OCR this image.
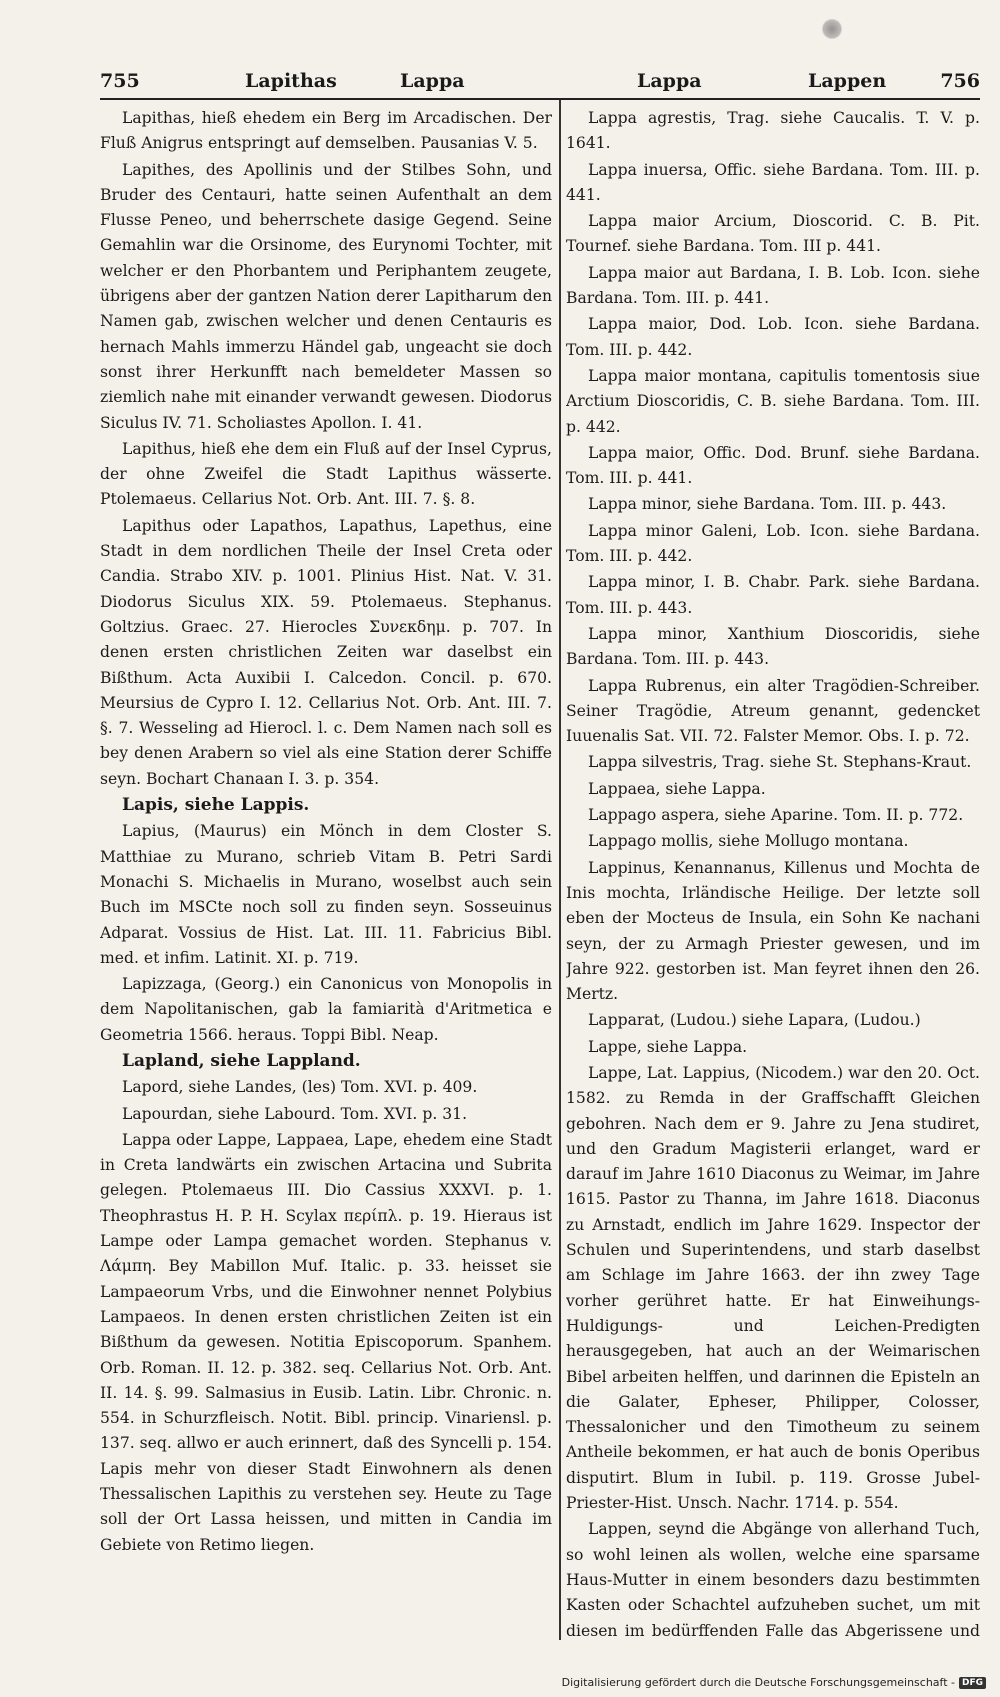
755	Lapithas	Lappa	Lappa	Lappen	756

Lapithas, hieß ehedem ein Berg im Arcadischen. Der Fluß Anigrus entspringt auf demselben. Pausanias V. 5.

Lapithes, des Apollinis und der Stilbes Sohn, und Bruder des Centauri, hatte seinen Aufenthalt an dem Flusse Peneo, und beherrschete dasige Gegend. Seine Gemahlin war die Orsinome, des Eurynomi Tochter, mit welcher er den Phorbantem und Periphantem zeugete, übrigens aber der gantzen Nation derer Lapitharum den Namen gab, zwischen welcher und denen Centauris es hernach Mahls immerzu Händel gab, ungeacht sie doch sonst ihrer Herkunfft nach bemeldeter Massen so ziemlich nahe mit einander verwandt gewesen. Diodorus Siculus IV. 71. Scholiastes Apollon. I. 41.

Lapithus, hieß ehe dem ein Fluß auf der Insel Cyprus, der ohne Zweifel die Stadt Lapithus wässerte. Ptolemaeus. Cellarius Not. Orb. Ant. III. 7. §. 8.

Lapithus oder Lapathos, Lapathus, Lapethus, eine Stadt in dem nordlichen Theile der Insel Creta oder Candia. Strabo XIV. p. 1001. Plinius Hist. Nat. V. 31. Diodorus Siculus XIX. 59. Ptolemaeus. Stephanus. Goltzius. Graec. 27. Hierocles Συνεκδημ. p. 707. In denen ersten christlichen Zeiten war daselbst ein Bißthum. Acta Auxibii I. Calcedon. Concil. p. 670. Meursius de Cypro I. 12. Cellarius Not. Orb. Ant. III. 7. §. 7. Wesseling ad Hierocl. l. c. Dem Namen nach soll es bey denen Arabern so viel als eine Station derer Schiffe seyn. Bochart Chanaan I. 3. p. 354.

Lapis, siehe Lappis.

Lapius, (Maurus) ein Mönch in dem Closter S. Matthiae zu Murano, schrieb Vitam B. Petri Sardi Monachi S. Michaelis in Murano, woselbst auch sein Buch im MSCte noch soll zu finden seyn. Sosseuinus Adparat. Vossius de Hist. Lat. III. 11. Fabricius Bibl. med. et infim. Latinit. XI. p. 719.

Lapizzaga, (Georg.) ein Canonicus von Monopolis in dem Napolitanischen, gab la famiarità d'Aritmetica e Geometria 1566. heraus. Toppi Bibl. Neap.

Lapland, siehe Lappland.

Lapord, siehe Landes, (les) Tom. XVI. p. 409.

Lapourdan, siehe Labourd. Tom. XVI. p. 31.

Lappa oder Lappe, Lappaea, Lape, ehedem eine Stadt in Creta landwärts ein zwischen Artacina und Subrita gelegen. Ptolemaeus III. Dio Cassius XXXVI. p. 1. Theophrastus H. P. H. Scylax περίπλ. p. 19. Hieraus ist Lampe oder Lampa gemachet worden. Stephanus v. Λάμπη. Bey Mabillon Muf. Italic. p. 33. heisset sie Lampaeorum Vrbs, und die Einwohner nennet Polybius Lampaeos. In denen ersten christlichen Zeiten ist ein Bißthum da gewesen. Notitia Episcoporum. Spanhem. Orb. Roman. II. 12. p. 382. seq. Cellarius Not. Orb. Ant. II. 14. §. 99. Salmasius in Eusib. Latin. Libr. Chronic. n. 554. in Schurzfleisch. Notit. Bibl. princip. Vinariensl. p. 137. seq. allwo er auch erinnert, daß des Syncelli p. 154. Lapis mehr von dieser Stadt Einwohnern als denen Thessalischen Lapithis zu verstehen sey. Heute zu Tage soll der Ort Lassa heissen, und mitten in Candia im Gebiete von Retimo liegen.

Lappa agrestis, Trag. siehe Caucalis. T. V. p. 1641.

Lappa inuersa, Offic. siehe Bardana. Tom. III. p. 441.

Lappa maior Arcium, Dioscorid. C. B. Pit. Tournef. siehe Bardana. Tom. III p. 441.

Lappa maior aut Bardana, I. B. Lob. Icon. siehe Bardana. Tom. III. p. 441.

Lappa maior, Dod. Lob. Icon. siehe Bardana. Tom. III. p. 442.

Lappa maior montana, capitulis tomentosis siue Arctium Dioscoridis, C. B. siehe Bardana. Tom. III. p. 442.

Lappa maior, Offic. Dod. Brunf. siehe Bardana. Tom. III. p. 441.

Lappa minor, siehe Bardana. Tom. III. p. 443.

Lappa minor Galeni, Lob. Icon. siehe Bardana. Tom. III. p. 442.

Lappa minor, I. B. Chabr. Park. siehe Bardana. Tom. III. p. 443.

Lappa minor, Xanthium Dioscoridis, siehe Bardana. Tom. III. p. 443.

Lappa Rubrenus, ein alter Tragödien-Schreiber. Seiner Tragödie, Atreum genannt, gedencket Iuuenalis Sat. VII. 72. Falster Memor. Obs. I. p. 72.

Lappa silvestris, Trag. siehe St. Stephans-Kraut.

Lappaea, siehe Lappa.

Lappago aspera, siehe Aparine. Tom. II. p. 772.

Lappago mollis, siehe Mollugo montana.

Lappinus, Kenannanus, Killenus und Mochta de Inis mochta, Irländische Heilige. Der letzte soll eben der Mocteus de Insula, ein Sohn Ke nachani seyn, der zu Armagh Priester gewesen, und im Jahre 922. gestorben ist. Man feyret ihnen den 26. Mertz.

Lapparat, (Ludou.) siehe Lapara, (Ludou.)

Lappe, siehe Lappa.

Lappe, Lat. Lappius, (Nicodem.) war den 20. Oct. 1582. zu Remda in der Graffschafft Gleichen gebohren. Nach dem er 9. Jahre zu Jena studiret, und den Gradum Magisterii erlanget, ward er darauf im Jahre 1610 Diaconus zu Weimar, im Jahre 1615. Pastor zu Thanna, im Jahre 1618. Diaconus zu Arnstadt, endlich im Jahre 1629. Inspector der Schulen und Superintendens, und starb daselbst am Schlage im Jahre 1663. der ihn zwey Tage vorher gerühret hatte. Er hat Einweihungs- Huldigungs- und Leichen-Predigten herausgegeben, hat auch an der Weimarischen Bibel arbeiten helffen, und darinnen die Episteln an die Galater, Epheser, Philipper, Colosser, Thessalonicher und den Timotheum zu seinem Antheile bekommen, er hat auch de bonis Operibus disputirt. Blum in Iubil. p. 119. Grosse Jubel-Priester-Hist. Unsch. Nachr. 1714. p. 554.

Lappen, seynd die Abgänge von allerhand Tuch, so wohl leinen als wollen, welche eine sparsame Haus-Mutter in einem besonders dazu bestimmten Kasten oder Schachtel aufzuheben suchet, um mit diesen im bedürffenden Falle das Abgerissene und

Digitalisierung gefördert durch die Deutsche Forschungsgemeinschaft - DFG
